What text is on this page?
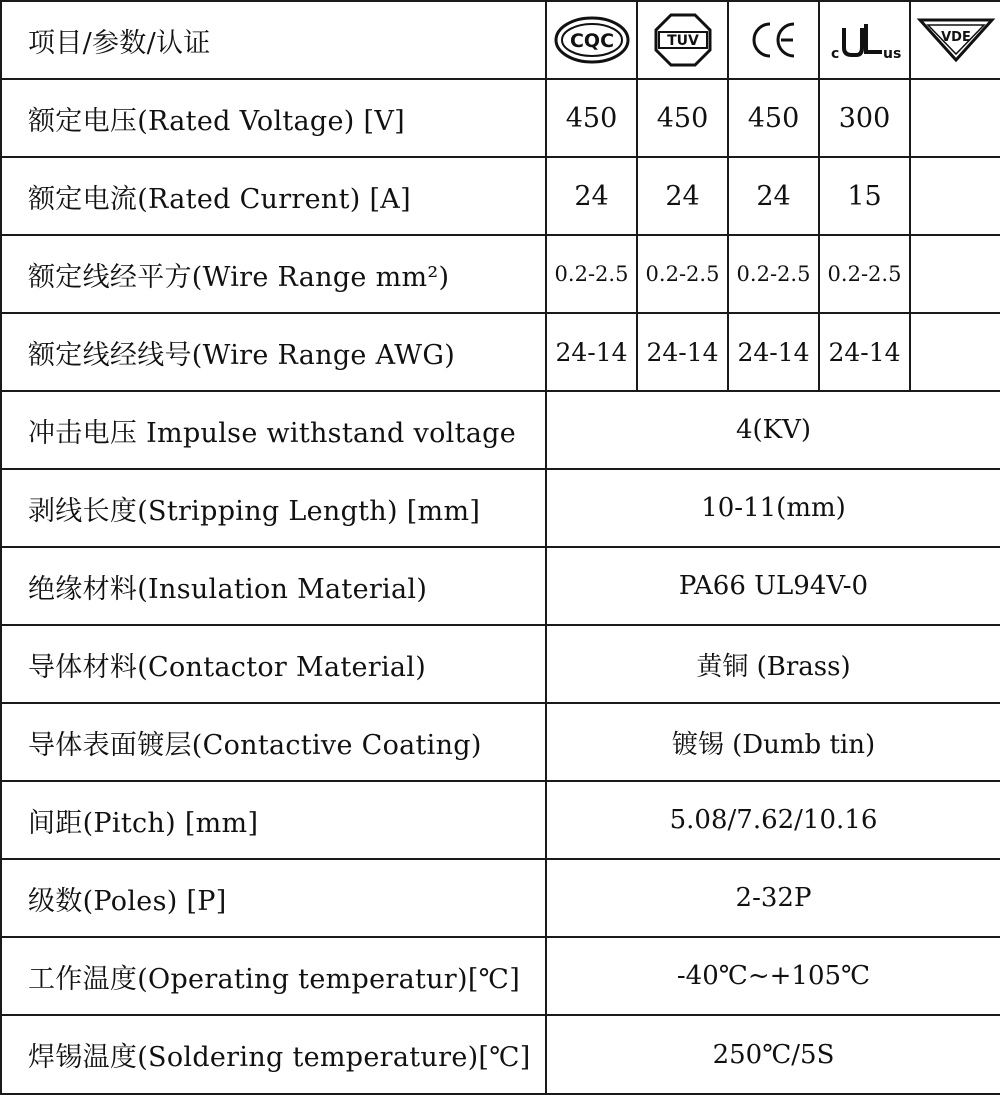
项目/参数/认证	CQC	TUV		c us	VDE

额定电压(Rated Voltage) [V]	450	450	450	300	
额定电流(Rated Current) [A]	24	24	24	15	
额定线经平方(Wire Range mm²)	0.2-2.5	0.2-2.5	0.2-2.5	0.2-2.5	
额定线经线号(Wire Range AWG)	24-14	24-14	24-14	24-14	
冲击电压 Impulse withstand voltage	4(KV)				
剥线长度(Stripping Length) [mm]	10-11(mm)				
绝缘材料(Insulation Material)	PA66 UL94V-0				
导体材料(Contactor Material)	黄铜 (Brass)				
导体表面镀层(Contactive Coating)	镀锡 (Dumb tin)				
间距(Pitch) [mm]	5.08/7.62/10.16				
级数(Poles) [P]	2-32P				
工作温度(Operating temperatur)[℃]	-40℃~+105℃				
焊锡温度(Soldering temperature)[℃]	250℃/5S				
